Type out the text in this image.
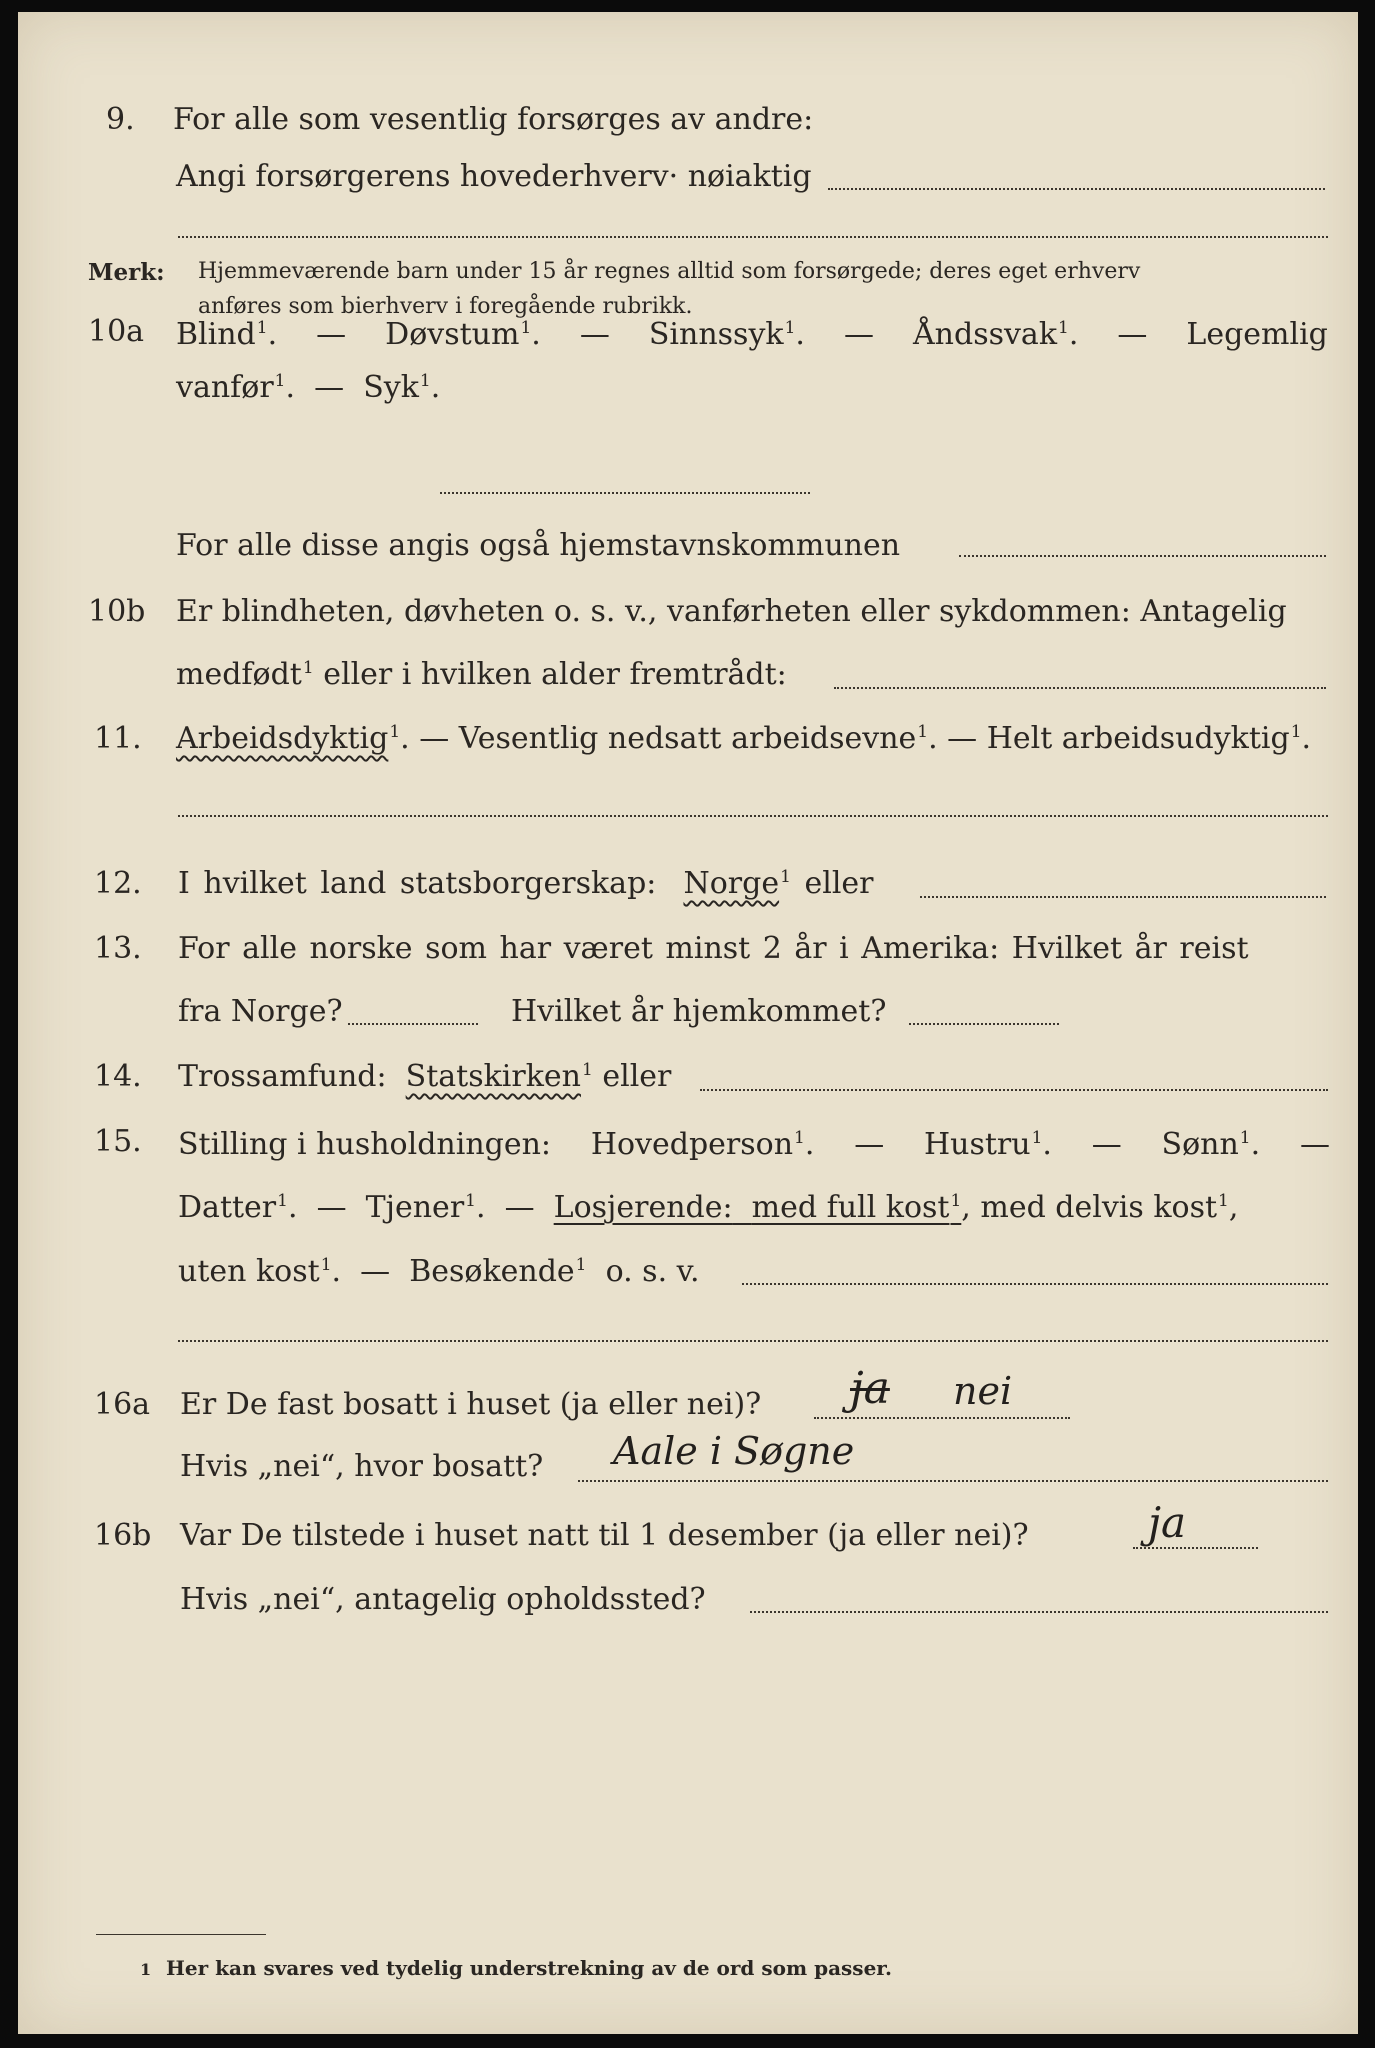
9. For alle som vesentlig forsørges av andre:
Angi forsørgerens hovederhverv· nøiaktig
Merk: Hjemmeværende barn under 15 år regnes alltid som forsørgede; deres eget erhverv
anføres som bierhverv i foregående rubrikk.
10a Blind$^1$. — Døvstum$^1$. — Sinnssyk$^1$. — Åndssvak$^1$. — Legemlig
vanfør$^1$.  — Syk$^1$.
For alle disse angis også hjemstavnskommunen
10b Er blindheten, døvheten o. s. v., vanførheten eller sykdommen: Antagelig
medfødt$^1$ eller i hvilken alder fremtrådt:
11. Arbeidsdyktig$^1$. — Vesentlig nedsatt arbeidsevne$^1$. — Helt arbeidsudyktig$^1$.
12. I hvilket land statsborgerskap: Norge$^1$ eller
13. For alle norske som har været minst 2 år i Amerika: Hvilket år reist
fra Norge?	Hvilket år hjemkommet?
14. Trossamfund: Statskirken$^1$ eller
15. Stilling i husholdningen: Hovedperson$^1$. — Hustru$^1$. — Sønn$^1$. —
Datter$^1$.  — Tjener$^1$.  — Losjerende: med full kost$^1$, med delvis kost$^1$,
uten kost$^1$.  — Besøkende$^1$ o. s. v.
16a Er De fast bosatt i huset (ja eller nei)? ja nei
Hvis „nei“, hvor bosatt? Aale i Søgne
16b Var De tilstede i huset natt til 1 desember (ja eller nei)?	ja
Hvis „nei“, antagelig opholdssted?
1 Her kan svares ved tydelig understrekning av de ord som passer.
